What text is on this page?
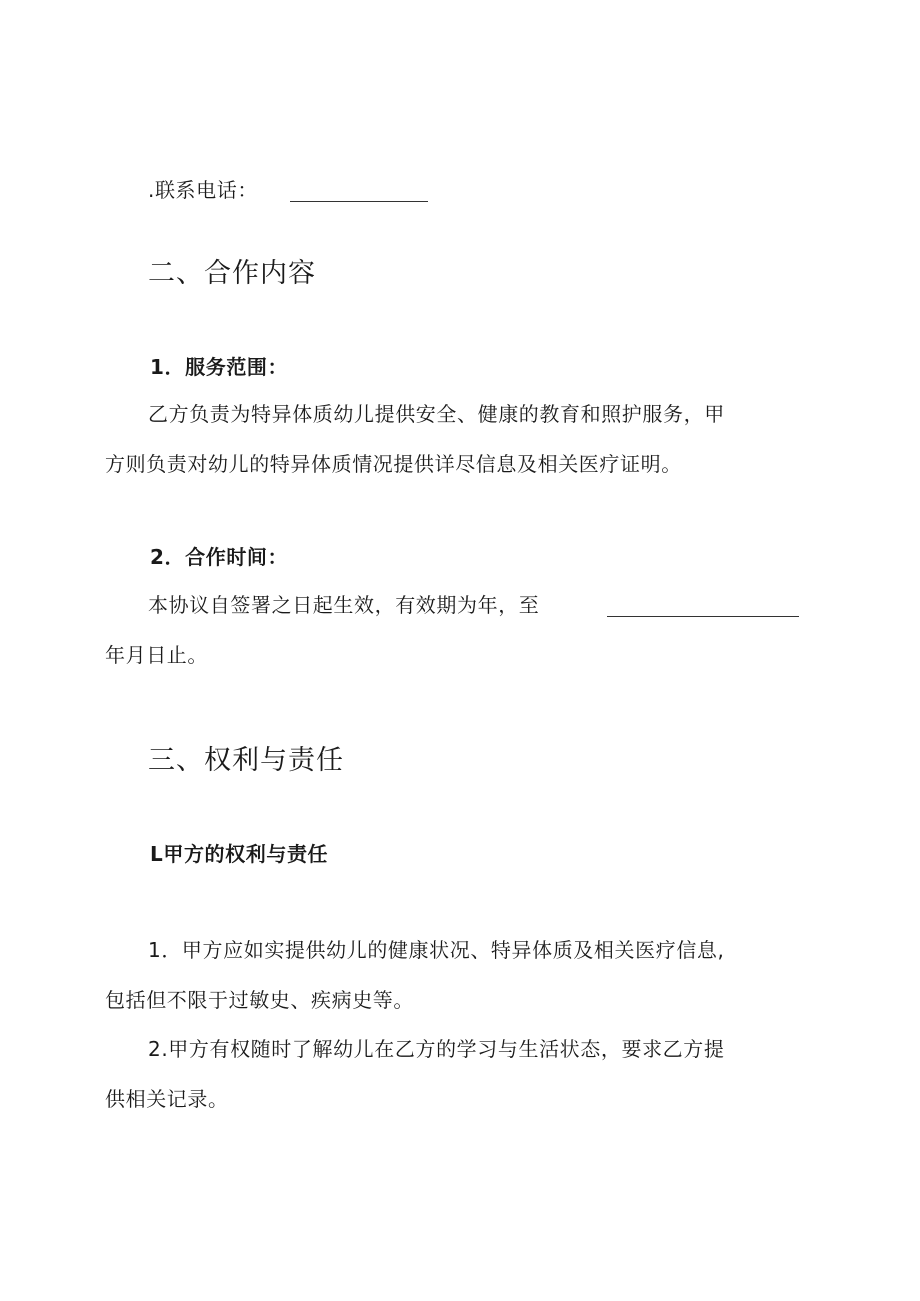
.联系电话：
二、合作内容
1．服务范围：
乙方负责为特异体质幼儿提供安全、健康的教育和照护服务，甲
方则负责对幼儿的特异体质情况提供详尽信息及相关医疗证明。
2．合作时间：
本协议自签署之日起生效，有效期为年，至
年月日止。
三、权利与责任
L甲方的权利与责任
1．甲方应如实提供幼儿的健康状况、特异体质及相关医疗信息,
包括但不限于过敏史、疾病史等。
2.甲方有权随时了解幼儿在乙方的学习与生活状态，要求乙方提
供相关记录。
